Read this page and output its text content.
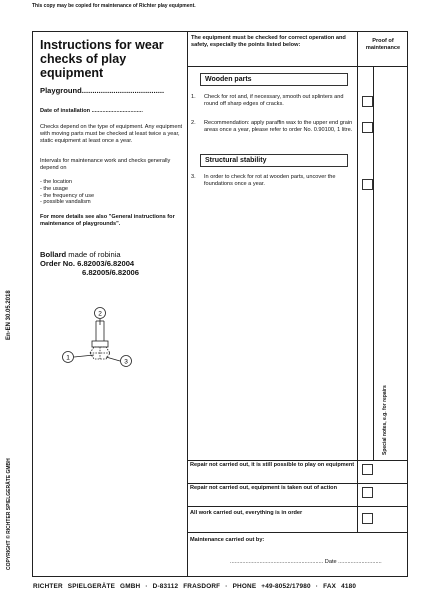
This copy may be copied for maintenance of Richter play equipment.
En-EN 30.05.2018
COPYRIGHT © RICHTER SPIELGERÄTE GMBH
Instructions for wear checks of play equipment
The equipment must be checked for correct operation and safety, especially the points listed below:
Proof of maintenance
Playground.......................................
Date of installation .................................
Checks depend on the type of equipment. Any equipment with moving parts must be checked at least twice a year, static equipment at least once a year.
Intervals for maintenance work and checks generally depend on
- the location
- the usage
- the frequency of use
- possible vandalism
For more details see also "General instructions for maintenance of playgrounds".
Bollard made of robinia
Order No. 6.82003/6.82004
6.82005/6.82006
2
1
3
Wooden parts
Structural stability
1. Check for rot and, if necessary, smooth out splinters and round off sharp edges of cracks.
2. Recommendation: apply paraffin wax to the upper end grain areas once a year, please refer to order No. 0.90100, 1 litre.
3. In order to check for rot at wooden parts, uncover the foundations once a year.
Special notes, e.g. for repairs
Repair not carried out, it is still possible to play on equipment
Repair not carried out, equipment is taken out of action
All work carried out, everything is in order
Maintenance carried out by:
............................................................ Date ............................
RICHTER SPIELGERÄTE GMBH · D-83112 FRASDORF · PHONE +49-8052/17980 · FAX 4180
